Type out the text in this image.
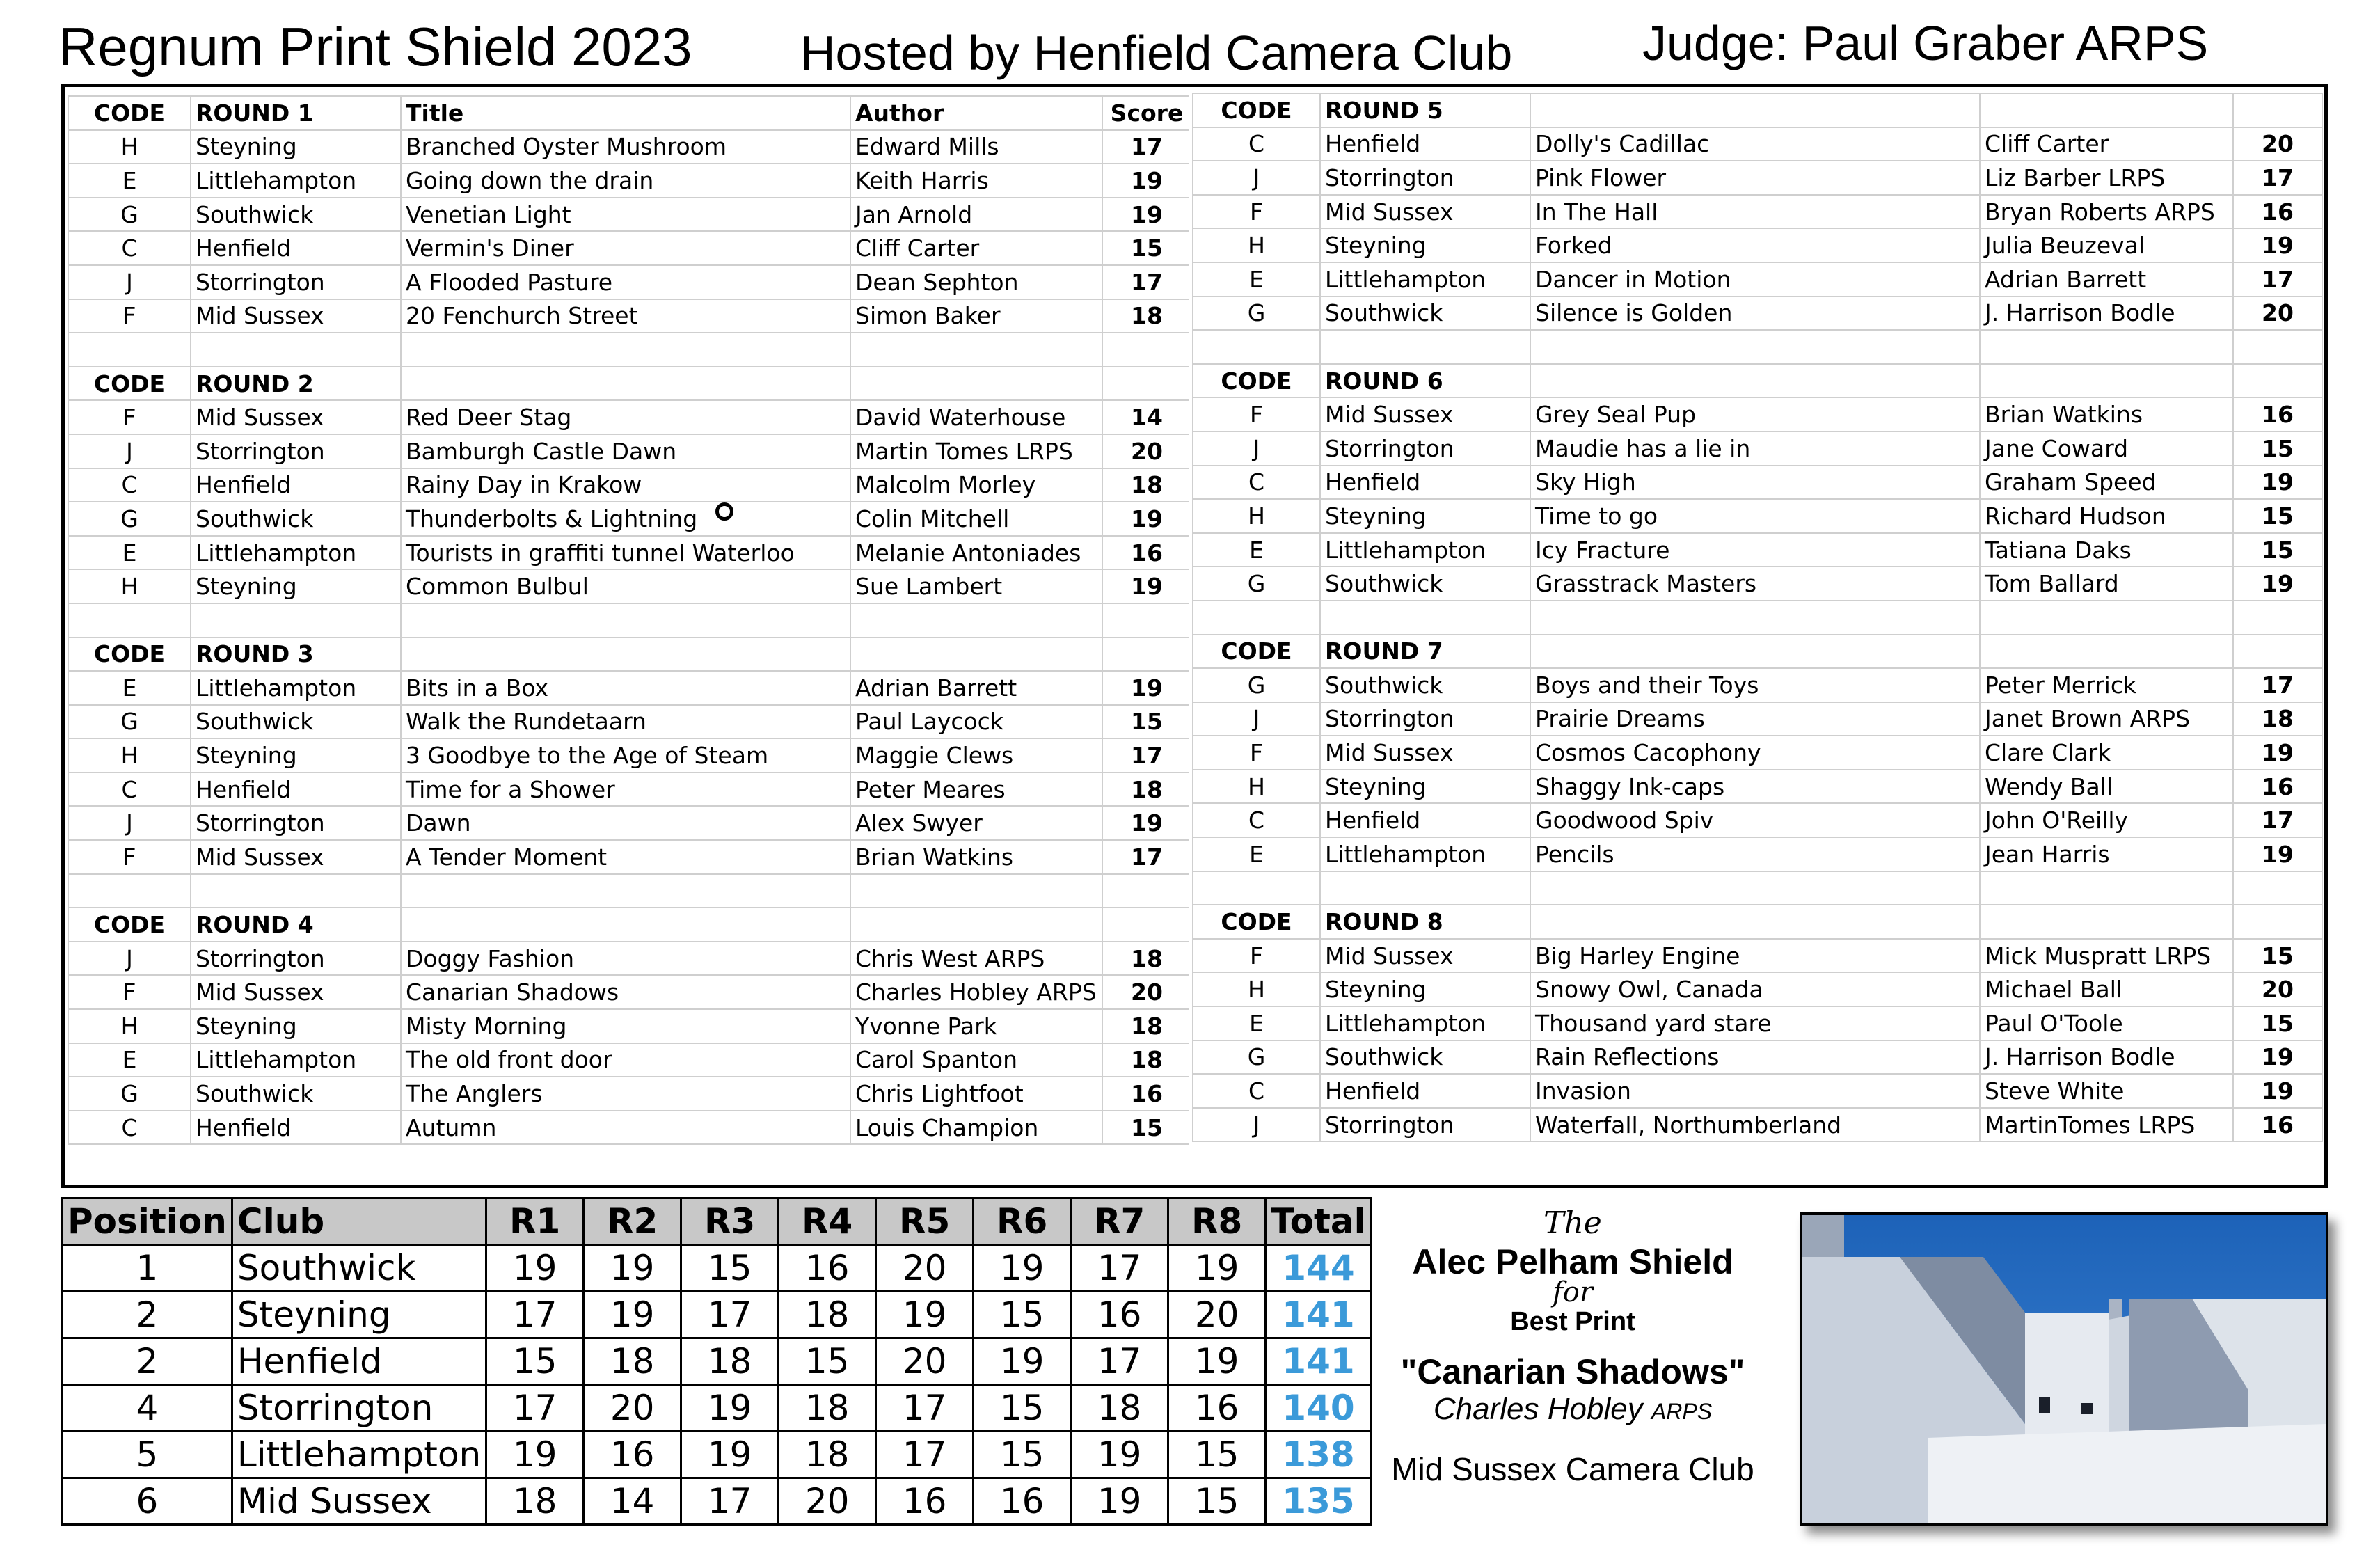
Regnum Print Shield 2023 Hosted by Henfield Camera Club	Judge: Paul Graber ARPS
CODE	ROUND 1	Title	Author	Score
H	Steyning	Branched Oyster Mushroom	Edward Mills	17
E	Littlehampton	Going down the drain	Keith Harris	19
G	Southwick	Venetian Light	Jan Arnold	19
C	Henfield	Vermin's Diner	Cliff Carter	15
J	Storrington	A Flooded Pasture	Dean Sephton	17
F	Mid Sussex	20 Fenchurch Street	Simon Baker	18

CODE	ROUND 2			
F	Mid Sussex	Red Deer Stag	David Waterhouse	14
J	Storrington	Bamburgh Castle Dawn	Martin Tomes LRPS	20
C	Henfield	Rainy Day in Krakow	Malcolm Morley	18
G	Southwick	Thunderbolts & Lightning	Colin Mitchell	19
E	Littlehampton	Tourists in graffiti tunnel Waterloo	Melanie Antoniades	16
H	Steyning	Common Bulbul	Sue Lambert	19

CODE	ROUND 3			
E	Littlehampton	Bits in a Box	Adrian Barrett	19
G	Southwick	Walk the Rundetaarn	Paul Laycock	15
H	Steyning	3 Goodbye to the Age of Steam	Maggie Clews	17
C	Henfield	Time for a Shower	Peter Meares	18
J	Storrington	Dawn	Alex Swyer	19
F	Mid Sussex	A Tender Moment	Brian Watkins	17

CODE	ROUND 4			
J	Storrington	Doggy Fashion	Chris West ARPS	18
F	Mid Sussex	Canarian Shadows	Charles Hobley ARPS	20
H	Steyning	Misty Morning	Yvonne Park	18
E	Littlehampton	The old front door	Carol Spanton	18
G	Southwick	The Anglers	Chris Lightfoot	16
C	Henfield	Autumn	Louis Champion	15
CODE	ROUND 5			
C	Henfield	Dolly's Cadillac	Cliff Carter	20
J	Storrington	Pink Flower	Liz Barber LRPS	17
F	Mid Sussex	In The Hall	Bryan Roberts ARPS	16
H	Steyning	Forked	Julia Beuzeval	19
E	Littlehampton	Dancer in Motion	Adrian Barrett	17
G	Southwick	Silence is Golden	J. Harrison Bodle	20

CODE	ROUND 6			
F	Mid Sussex	Grey Seal Pup	Brian Watkins	16
J	Storrington	Maudie has a lie in	Jane Coward	15
C	Henfield	Sky High	Graham Speed	19
H	Steyning	Time to go	Richard Hudson	15
E	Littlehampton	Icy Fracture	Tatiana Daks	15
G	Southwick	Grasstrack Masters	Tom Ballard	19

CODE	ROUND 7			
G	Southwick	Boys and their Toys	Peter Merrick	17
J	Storrington	Prairie Dreams	Janet Brown ARPS	18
F	Mid Sussex	Cosmos Cacophony	Clare Clark	19
H	Steyning	Shaggy Ink-caps	Wendy Ball	16
C	Henfield	Goodwood Spiv	John O'Reilly	17
E	Littlehampton	Pencils	Jean Harris	19

CODE	ROUND 8			
F	Mid Sussex	Big Harley Engine	Mick Muspratt LRPS	15
H	Steyning	Snowy Owl, Canada	Michael Ball	20
E	Littlehampton	Thousand yard stare	Paul O'Toole	15
G	Southwick	Rain Reflections	J. Harrison Bodle	19
C	Henfield	Invasion	Steve White	19
J	Storrington	Waterfall, Northumberland	MartinTomes LRPS	16
Position	Club	R1	R2	R3	R4	R5	R6	R7	R8	Total
1	Southwick	19	19	15	16	20	19	17	19	144
2	Steyning	17	19	17	18	19	15	16	20	141
2	Henfield	15	18	18	15	20	19	17	19	141
4	Storrington	17	20	19	18	17	15	18	16	140
5	Littlehampton	19	16	19	18	17	15	19	15	138
6	Mid Sussex	18	14	17	20	16	16	19	15	135
The
Alec Pelham Shield
for
Best Print
"Canarian Shadows"
Charles Hobley ARPS
Mid Sussex Camera Club
